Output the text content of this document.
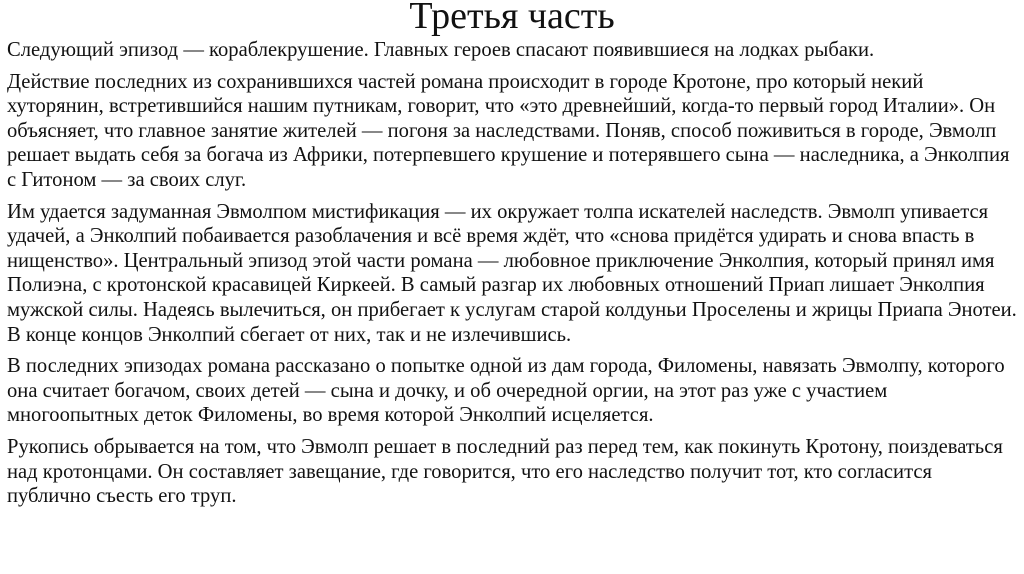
Третья часть

Следующий эпизод — кораблекрушение. Главных героев спасают появившиеся на лодках рыбаки.

Действие последних из сохранившихся частей романа происходит в городе Кротоне, про который некий хуторянин, встретившийся нашим путникам, говорит, что «это древнейший, когда-то первый город Италии». Он объясняет, что главное занятие жителей — погоня за наследствами. Поняв, способ поживиться в городе, Эвмолп решает выдать себя за богача из Африки, потерпевшего крушение и потерявшего сына — наследника, а Энколпия с Гитоном — за своих слуг.

Им удается задуманная Эвмолпом мистификация — их окружает толпа искателей наследств. Эвмолп упивается удачей, а Энколпий побаивается разоблачения и всё время ждёт, что «снова придётся удирать и снова впасть в нищенство». Центральный эпизод этой части романа — любовное приключение Энколпия, который принял имя Полиэна, с кротонской красавицей Киркеей. В самый разгар их любовных отношений Приап лишает Энколпия мужской силы. Надеясь вылечиться, он прибегает к услугам старой колдуньи Проселены и жрицы Приапа Энотеи. В конце концов Энколпий сбегает от них, так и не излечившись.

В последних эпизодах романа рассказано о попытке одной из дам города, Филомены, навязать Эвмолпу, которого она считает богачом, своих детей — сына и дочку, и об очередной оргии, на этот раз уже с участием многоопытных деток Филомены, во время которой Энколпий исцеляется.

Рукопись обрывается на том, что Эвмолп решает в последний раз перед тем, как покинуть Кротону, поиздеваться над кротонцами. Он составляет завещание, где говорится, что его наследство получит тот, кто согласится публично съесть его труп.
